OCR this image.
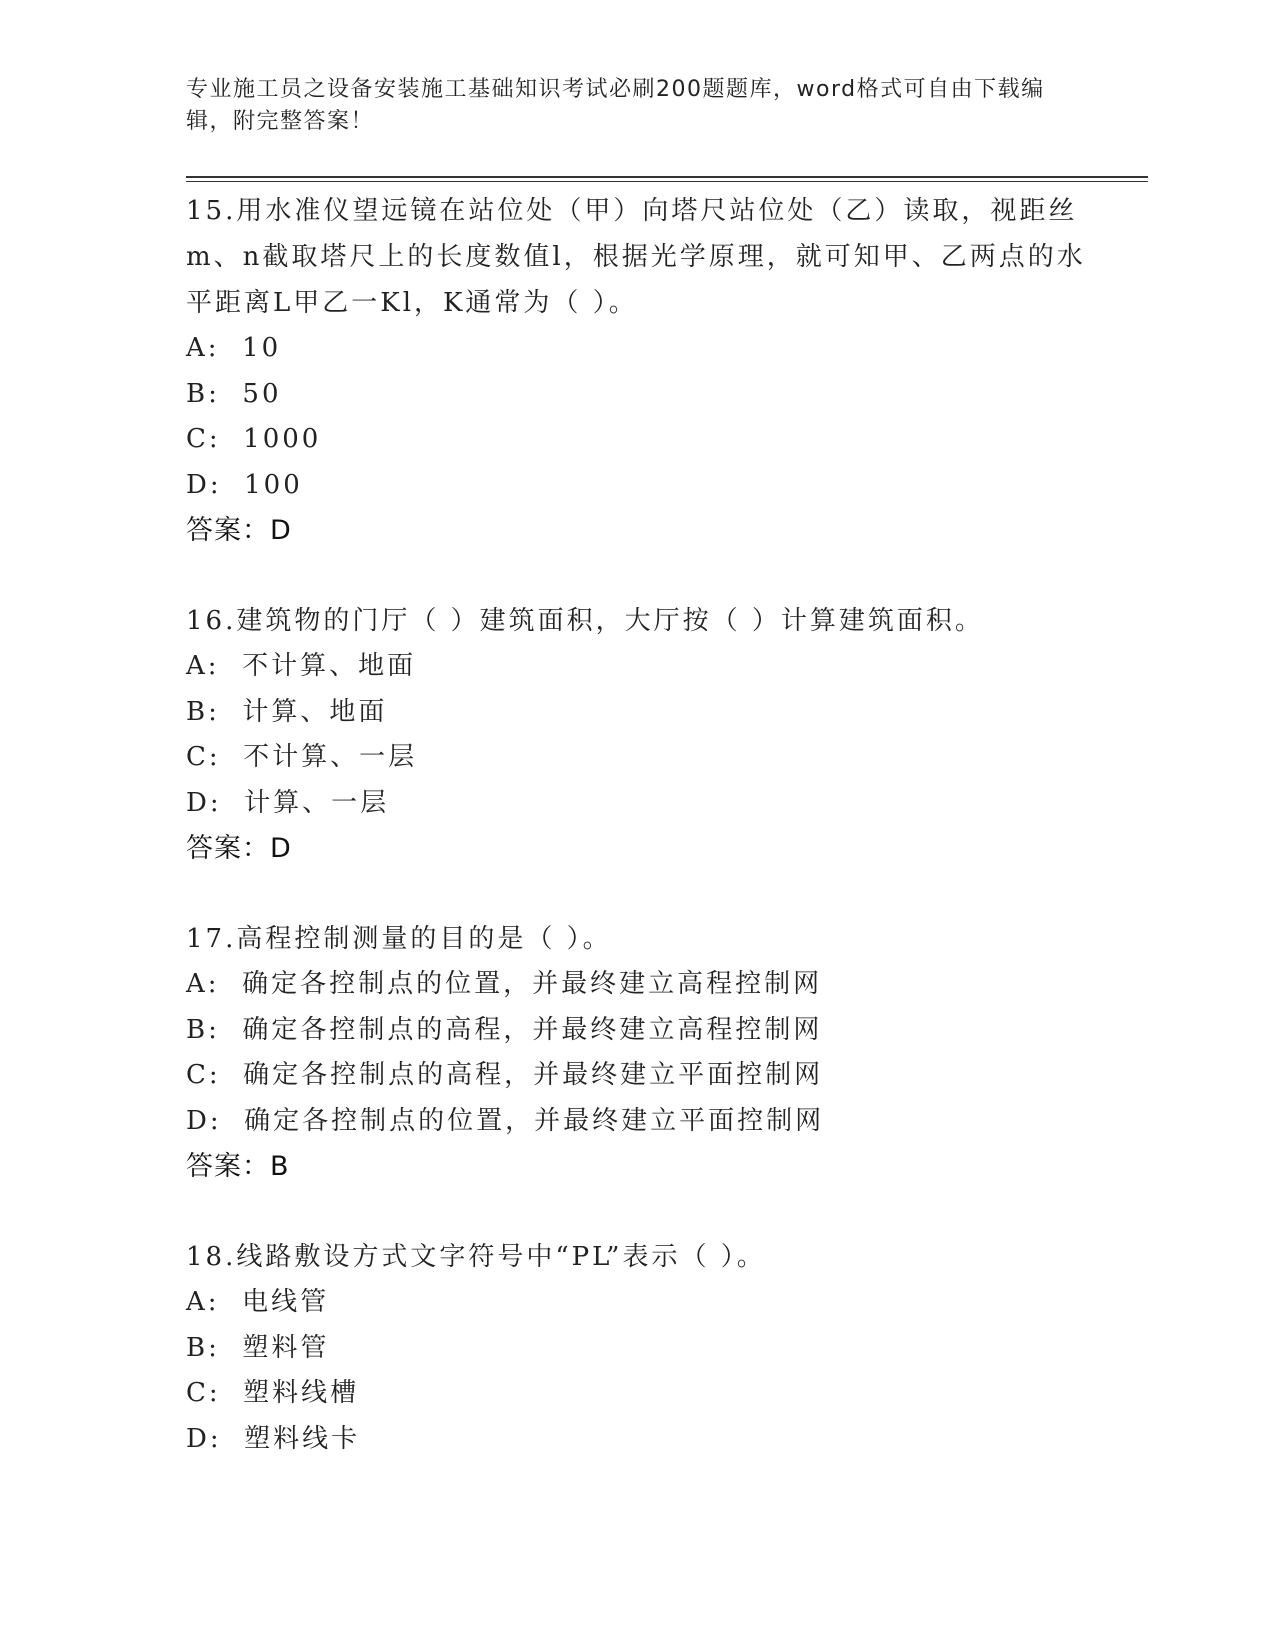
专业施工员之设备安装施工基础知识考试必刷200题题库，word格式可自由下载编辑，附完整答案！
15.用水准仪望远镜在站位处（甲）向塔尺站位处（乙）读取，视距丝m、n截取塔尺上的长度数值l，根据光学原理，就可知甲、乙两点的水平距离L甲乙一Kl，K通常为（ ）。
A:  10
B:  50
C:  1000
D:  100
答案：D
16.建筑物的门厅（ ）建筑面积，大厅按（ ）计算建筑面积。
A:  不计算、地面
B:  计算、地面
C:  不计算、一层
D:  计算、一层
答案：D
17.高程控制测量的目的是（ ）。
A:  确定各控制点的位置，并最终建立高程控制网
B:  确定各控制点的高程，并最终建立高程控制网
C:  确定各控制点的高程，并最终建立平面控制网
D:  确定各控制点的位置，并最终建立平面控制网
答案：B
18.线路敷设方式文字符号中“PL”表示（ ）。
A:  电线管
B:  塑料管
C:  塑料线槽
D:  塑料线卡
